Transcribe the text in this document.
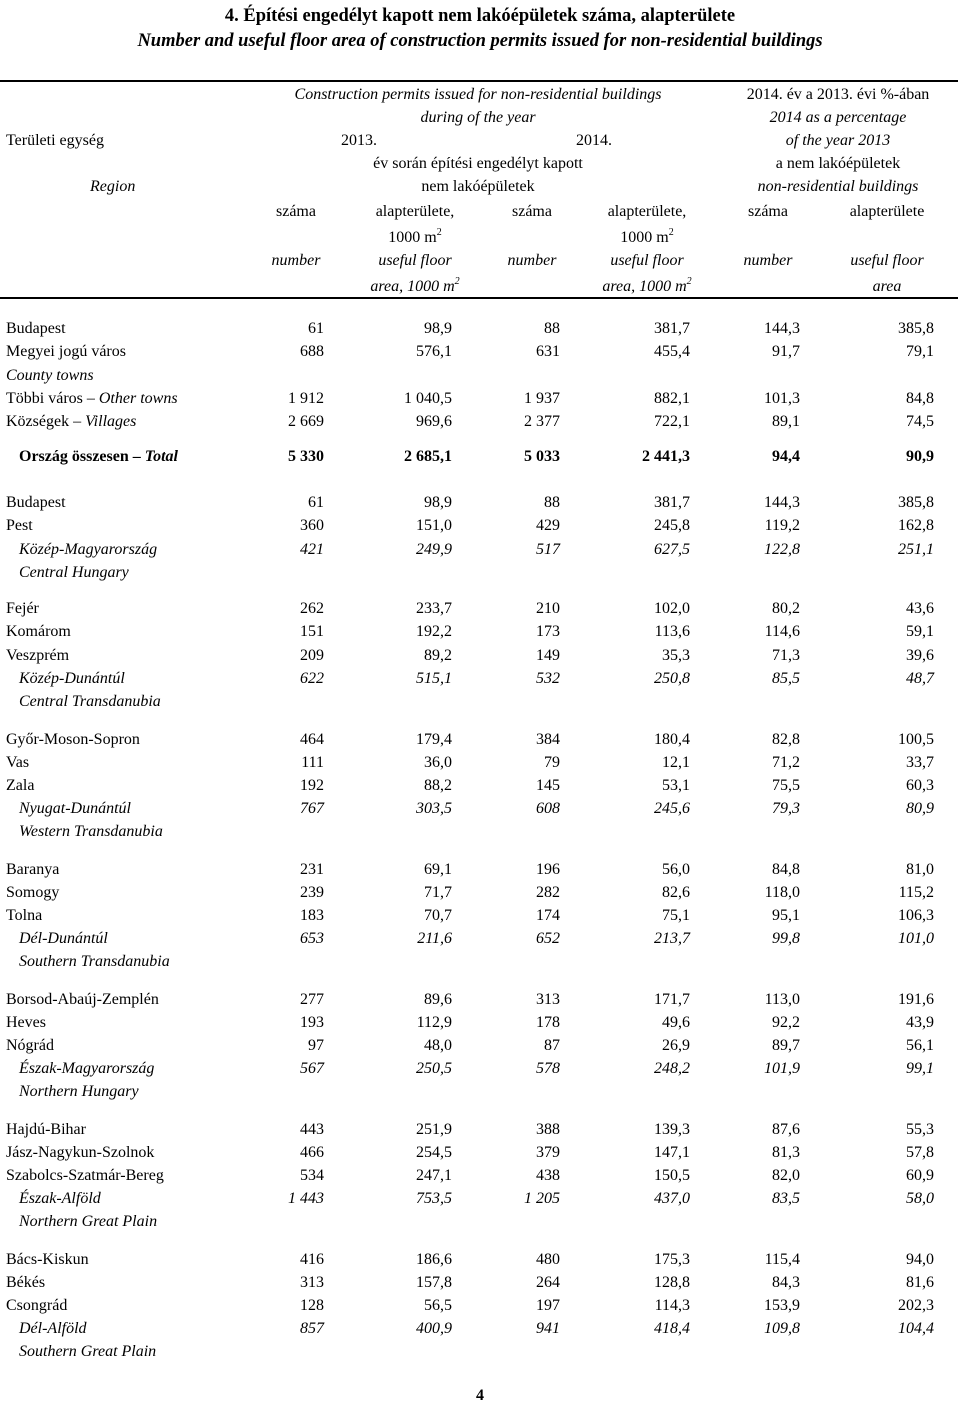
4. Építési engedélyt kapott nem lakóépületek száma, alapterülete
Number and useful floor area of construction permits issued for non-residential buildings
Területi egység
Region
Construction permits issued for non-residential buildings
during of the year
2013.	2014.
év során építési engedélyt kapott
nem lakóépületek
2014. év a 2013. évi %-ában
2014 as a percentage
of the year 2013
a nem lakóépületek
non-residential buildings
száma	alapterülete,	száma	alapterülete,	száma	alapterülete
1000 $m^2$	1000 $m^2$
number	useful floor	number	useful floor	number	useful floor
area, 1000 $m^2$	area, 1000 $m^2$	area
Budapest	61	98,9	88	381,7	144,3	385,8
Megyei jogú város	688	576,1	631	455,4	91,7	79,1
County towns
Többi város – Other towns	1 912	1 040,5	1 937	882,1	101,3	84,8
Községek – Villages	2 669	969,6	2 377	722,1	89,1	74,5
Ország összesen – Total	5 330	2 685,1	5 033	2 441,3	94,4	90,9
Budapest	61	98,9	88	381,7	144,3	385,8
Pest	360	151,0	429	245,8	119,2	162,8
Közép-Magyarország	421	249,9	517	627,5	122,8	251,1
Central Hungary
Fejér	262	233,7	210	102,0	80,2	43,6
Komárom	151	192,2	173	113,6	114,6	59,1
Veszprém	209	89,2	149	35,3	71,3	39,6
Közép-Dunántúl	622	515,1	532	250,8	85,5	48,7
Central Transdanubia
Győr-Moson-Sopron	464	179,4	384	180,4	82,8	100,5
Vas	111	36,0	79	12,1	71,2	33,7
Zala	192	88,2	145	53,1	75,5	60,3
Nyugat-Dunántúl	767	303,5	608	245,6	79,3	80,9
Western Transdanubia
Baranya	231	69,1	196	56,0	84,8	81,0
Somogy	239	71,7	282	82,6	118,0	115,2
Tolna	183	70,7	174	75,1	95,1	106,3
Dél-Dunántúl	653	211,6	652	213,7	99,8	101,0
Southern Transdanubia
Borsod-Abaúj-Zemplén	277	89,6	313	171,7	113,0	191,6
Heves	193	112,9	178	49,6	92,2	43,9
Nógrád	97	48,0	87	26,9	89,7	56,1
Észak-Magyarország	567	250,5	578	248,2	101,9	99,1
Northern Hungary
Hajdú-Bihar	443	251,9	388	139,3	87,6	55,3
Jász-Nagykun-Szolnok	466	254,5	379	147,1	81,3	57,8
Szabolcs-Szatmár-Bereg	534	247,1	438	150,5	82,0	60,9
Észak-Alföld	1 443	753,5	1 205	437,0	83,5	58,0
Northern Great Plain
Bács-Kiskun	416	186,6	480	175,3	115,4	94,0
Békés	313	157,8	264	128,8	84,3	81,6
Csongrád	128	56,5	197	114,3	153,9	202,3
Dél-Alföld	857	400,9	941	418,4	109,8	104,4
Southern Great Plain
4
